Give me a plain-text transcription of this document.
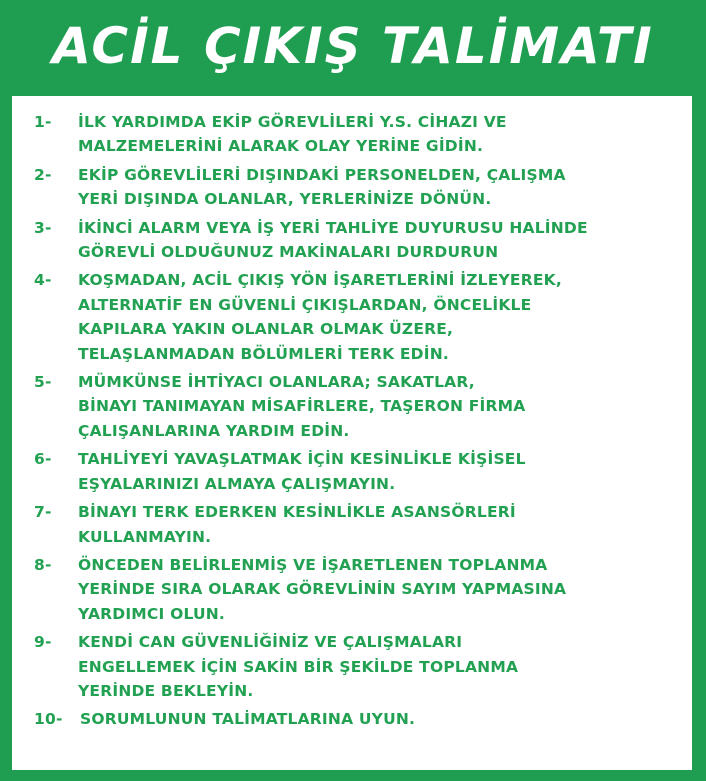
ACİL ÇIKIŞ TALİMATI
1-	İLK YARDIMDA EKİP GÖREVLİLERİ Y.S. CİHAZI VE
MALZEMELERİNİ ALARAK OLAY YERİNE GİDİN.
2-	EKİP GÖREVLİLERİ DIŞINDAKİ PERSONELDEN, ÇALIŞMA
YERİ DIŞINDA OLANLAR, YERLERİNİZE DÖNÜN.
3-	İKİNCİ ALARM VEYA İŞ YERİ TAHLİYE DUYURUSU HALİNDE
GÖREVLİ OLDUĞUNUZ MAKİNALARI DURDURUN
4-	KOŞMADAN, ACİL ÇIKIŞ YÖN İŞARETLERİNİ İZLEYEREK,
ALTERNATİF EN GÜVENLİ ÇIKIŞLARDAN, ÖNCELİKLE
KAPILARA YAKIN OLANLAR OLMAK ÜZERE,
TELAŞLANMADAN BÖLÜMLERİ TERK EDİN.
5-	MÜMKÜNSE İHTİYACI OLANLARA; SAKATLAR,
BİNAYI TANIMAYAN MİSAFİRLERE, TAŞERON FİRMA
ÇALIŞANLARINA YARDIM EDİN.
6-	TAHLİYEYİ YAVAŞLATMAK İÇİN KESİNLİKLE KİŞİSEL
EŞYALARINIZI ALMAYA ÇALIŞMAYIN.
7-	BİNAYI TERK EDERKEN KESİNLİKLE ASANSÖRLERİ
KULLANMAYIN.
8-	ÖNCEDEN BELİRLENMİŞ VE İŞARETLENEN TOPLANMA
YERİNDE SIRA OLARAK GÖREVLİNİN SAYIM YAPMASINA
YARDIMCI OLUN.
9-	KENDİ CAN GÜVENLİĞİNİZ VE ÇALIŞMALARI
ENGELLEMEK İÇİN SAKİN BİR ŞEKİLDE TOPLANMA
YERİNDE BEKLEYİN.
10-	SORUMLUNUN TALİMATLARINA UYUN.
